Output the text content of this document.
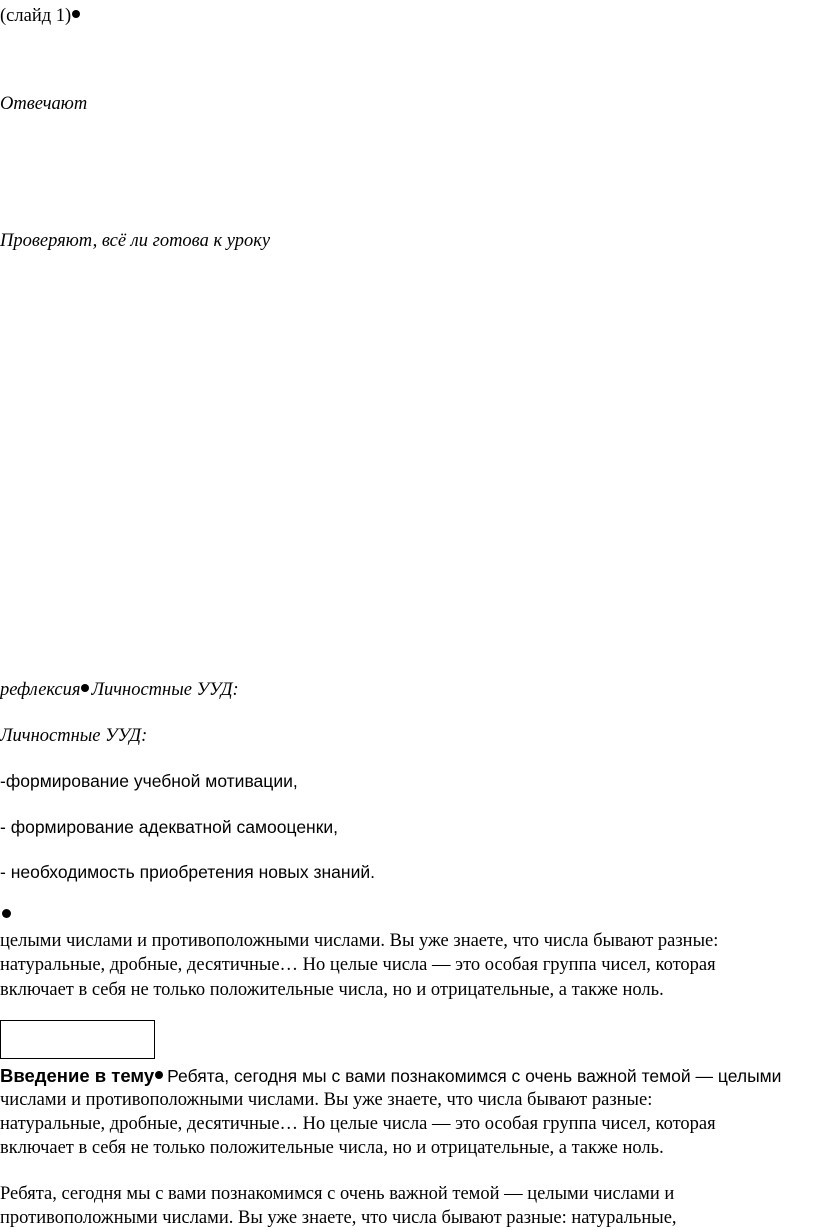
(слайд 1)

Отвечают

Проверяют, всё ли готова к уроку

рефлексия Личностные УУД:

Личностные УУД:

-формирование учебной мотивации,

- формирование адекватной самооценки,

- необходимость приобретения новых знаний.

целыми числами и противоположными числами. Вы уже знаете, что числа бывают разные:

натуральные, дробные, десятичные… Но целые числа — это особая группа чисел, которая

включает в себя не только положительные числа, но и отрицательные, а также ноль.

Введение в тему Ребята, сегодня мы с вами познакомимся с очень важной темой — целыми

числами и противоположными числами. Вы уже знаете, что числа бывают разные:

натуральные, дробные, десятичные… Но целые числа — это особая группа чисел, которая

включает в себя не только положительные числа, но и отрицательные, а также ноль.

Ребята, сегодня мы с вами познакомимся с очень важной темой — целыми числами и

противоположными числами. Вы уже знаете, что числа бывают разные: натуральные,
